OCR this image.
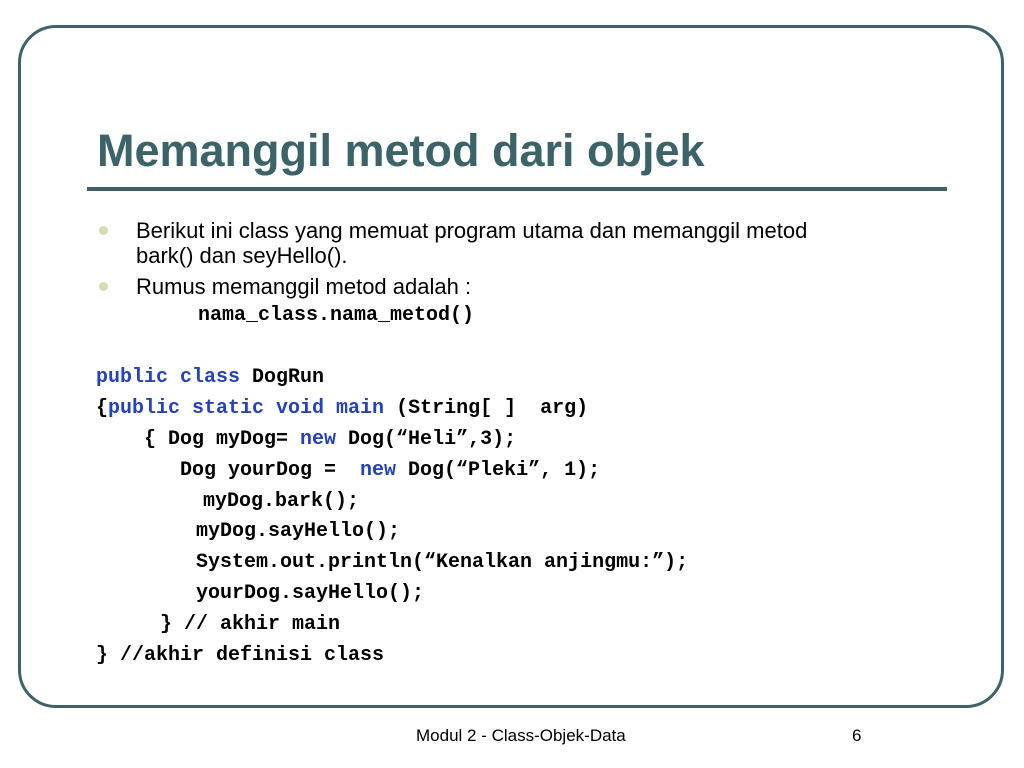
Memanggil metod dari objek
Berikut ini class yang memuat program utama dan memanggil metod
bark() dan seyHello().
Rumus memanggil metod adalah :
nama_class.nama_metod()
public class DogRun
{public static void main (String[ ]  arg)
{ Dog myDog= new Dog(“Heli”,3);
Dog yourDog =  new Dog(“Pleki”, 1);
myDog.bark();
myDog.sayHello();
System.out.println(“Kenalkan anjingmu:”);
yourDog.sayHello();
} // akhir main
} //akhir definisi class
Modul 2 - Class-Objek-Data	6
